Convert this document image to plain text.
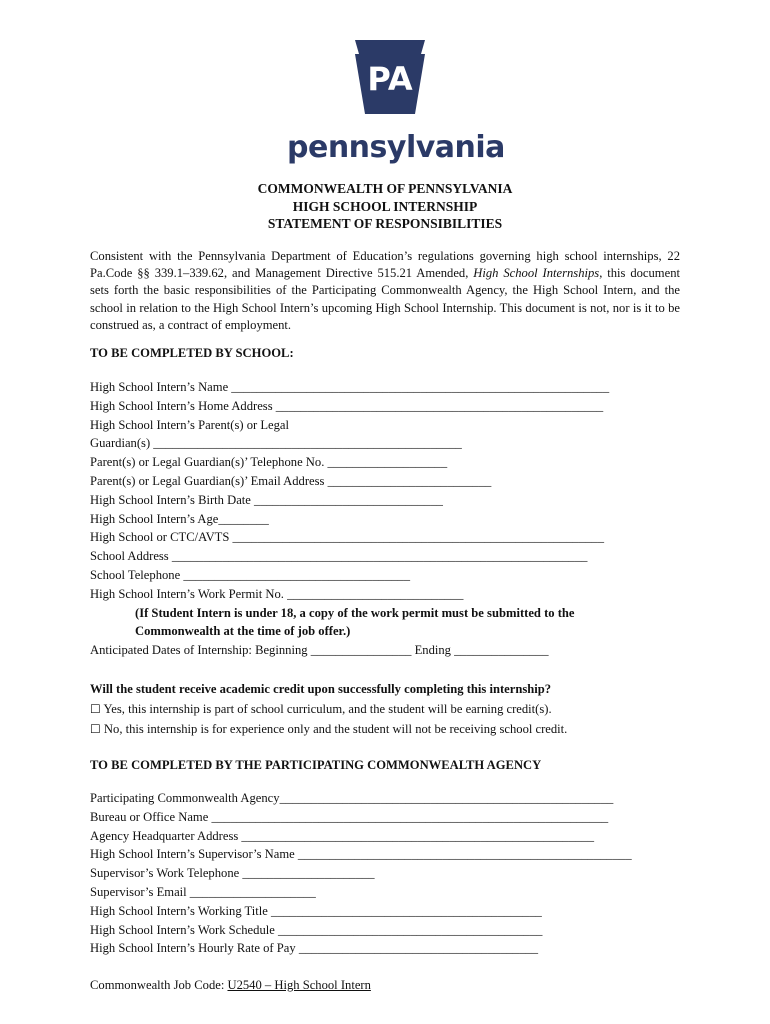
PA
pennsylvania
COMMONWEALTH OF PENNSYLVANIA
HIGH SCHOOL INTERNSHIP
STATEMENT OF RESPONSIBILITIES
Consistent with the Pennsylvania Department of Education’s regulations governing high school internships, 22 Pa.Code §§ 339.1–339.62, and Management Directive 515.21 Amended, High School Internships, this document sets forth the basic responsibilities of the Participating Commonwealth Agency, the High School Intern, and the school in relation to the High School Intern’s upcoming High School Internship. This document is not, nor is it to be construed as, a contract of employment.
TO BE COMPLETED BY SCHOOL:
High School Intern’s Name ____________________________________________________________
High School Intern’s Home Address ____________________________________________________
High School Intern’s Parent(s) or Legal
Guardian(s) _________________________________________________
Parent(s) or Legal Guardian(s)’ Telephone No. ___________________
Parent(s) or Legal Guardian(s)’ Email Address __________________________
High School Intern’s Birth Date ______________________________
High School Intern’s Age________
High School or CTC/AVTS ___________________________________________________________
School Address __________________________________________________________________
School Telephone ____________________________________
High School Intern’s Work Permit No. ____________________________
(If Student Intern is under 18, a copy of the work permit must be submitted to the
Commonwealth at the time of job offer.)
Anticipated Dates of Internship: Beginning ________________ Ending _______________
Will the student receive academic credit upon successfully completing this internship?
☐ Yes, this internship is part of school curriculum, and the student will be earning credit(s).
☐ No, this internship is for experience only and the student will not be receiving school credit.
TO BE COMPLETED BY THE PARTICIPATING COMMONWEALTH AGENCY
Participating Commonwealth Agency_____________________________________________________
Bureau or Office Name _______________________________________________________________
Agency Headquarter Address ________________________________________________________
High School Intern’s Supervisor’s Name _____________________________________________________
Supervisor’s Work Telephone _____________________
Supervisor’s Email ____________________
High School Intern’s Working Title ___________________________________________
High School Intern’s Work Schedule __________________________________________
High School Intern’s Hourly Rate of Pay ______________________________________
Commonwealth Job Code: U2540 – High School Intern
